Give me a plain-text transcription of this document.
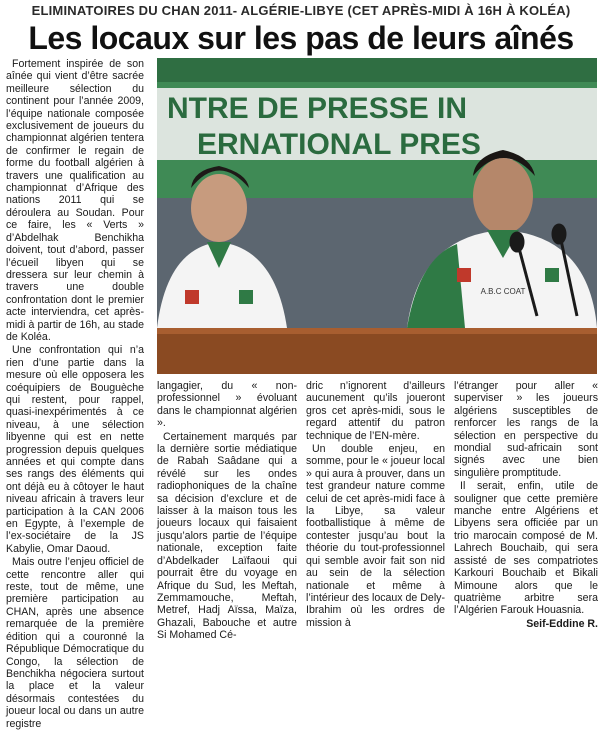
ELIMINATOIRES DU CHAN 2011- ALGÉRIE-LIBYE (CET APRÈS-MIDI À 16H À KOLÉA)
Les locaux sur les pas de leurs aînés

Fortement inspirée de son aînée qui vient d’être sacrée meilleure sélection du continent pour l’année 2009, l’équipe nationale composée exclusivement de joueurs du championnat algérien tentera de confirmer le regain de forme du football algérien à travers une qualification au championnat d’Afrique des nations 2011 qui se déroulera au Soudan. Pour ce faire, les « Verts » d’Abdelhak Benchikha doivent, tout d’abord, passer l’écueil libyen qui se dressera sur leur chemin à travers une double confrontation dont le premier acte interviendra, cet après-midi à partir de 16h, au stade de Koléa.

Une confrontation qui n’a rien d’une partie dans la mesure où elle opposera les coéquipiers de Bouguèche qui restent, pour rappel, quasi-inexpérimentés à ce niveau, à une sélection libyenne qui est en nette progression depuis quelques années et qui compte dans ses rangs des éléments qui ont déjà eu à côtoyer le haut niveau africain à travers leur participation à la CAN 2006 en Egypte, à l’exemple de l’ex-sociétaire de la JS Kabylie, Omar Daoud.

Mais outre l’enjeu officiel de cette rencontre aller qui reste, tout de même, une première participation au CHAN, après une absence remarquée de la première édition qui a couronné la République Démocratique du Congo, la sélection de Benchikha négociera surtout la place et la valeur désormais contestées du joueur local ou dans un autre registre

NTRE DE PRESSE IN
ERNATIONAL PRES
A.B.C COAT

langagier, du « non-professionnel » évoluant dans le championnat algérien ».

Certainement marqués par la dernière sortie médiatique de Rabah Saâdane qui a révélé sur les ondes radiophoniques de la chaîne sa décision d’exclure et de laisser à la maison tous les joueurs locaux qui faisaient jusqu’alors partie de l’équipe nationale, exception faite d’Abdelkader Laïfaoui qui pourrait être du voyage en Afrique du Sud, les Meftah, Zemmamouche, Meftah, Metref, Hadj Aïssa, Maïza, Ghazali, Babouche et autre Si Mohamed Cé-

dric n’ignorent d’ailleurs aucunement qu’ils joueront gros cet après-midi, sous le regard attentif du patron technique de l’EN-mère.

Un double enjeu, en somme, pour le « joueur local » qui aura à prouver, dans un test grandeur nature comme celui de cet après-midi face à la Libye, sa valeur footballistique à même de contester jusqu’au bout la théorie du tout-professionnel qui semble avoir fait son nid au sein de la sélection nationale et même à l’intérieur des locaux de Dely-Ibrahim où les ordres de mission à

l’étranger pour aller « superviser » les joueurs algériens susceptibles de renforcer les rangs de la sélection en perspective du mondial sud-africain sont signés avec une bien singulière promptitude.

Il serait, enfin, utile de souligner que cette première manche entre Algériens et Libyens sera officiée par un trio marocain composé de M. Lahrech Bouchaib, qui sera assisté de ses compatriotes Karkouri Bouchaib et Bikali Mimoune alors que le quatrième arbitre sera l’Algérien Farouk Houasnia.

Seif-Eddine R.
